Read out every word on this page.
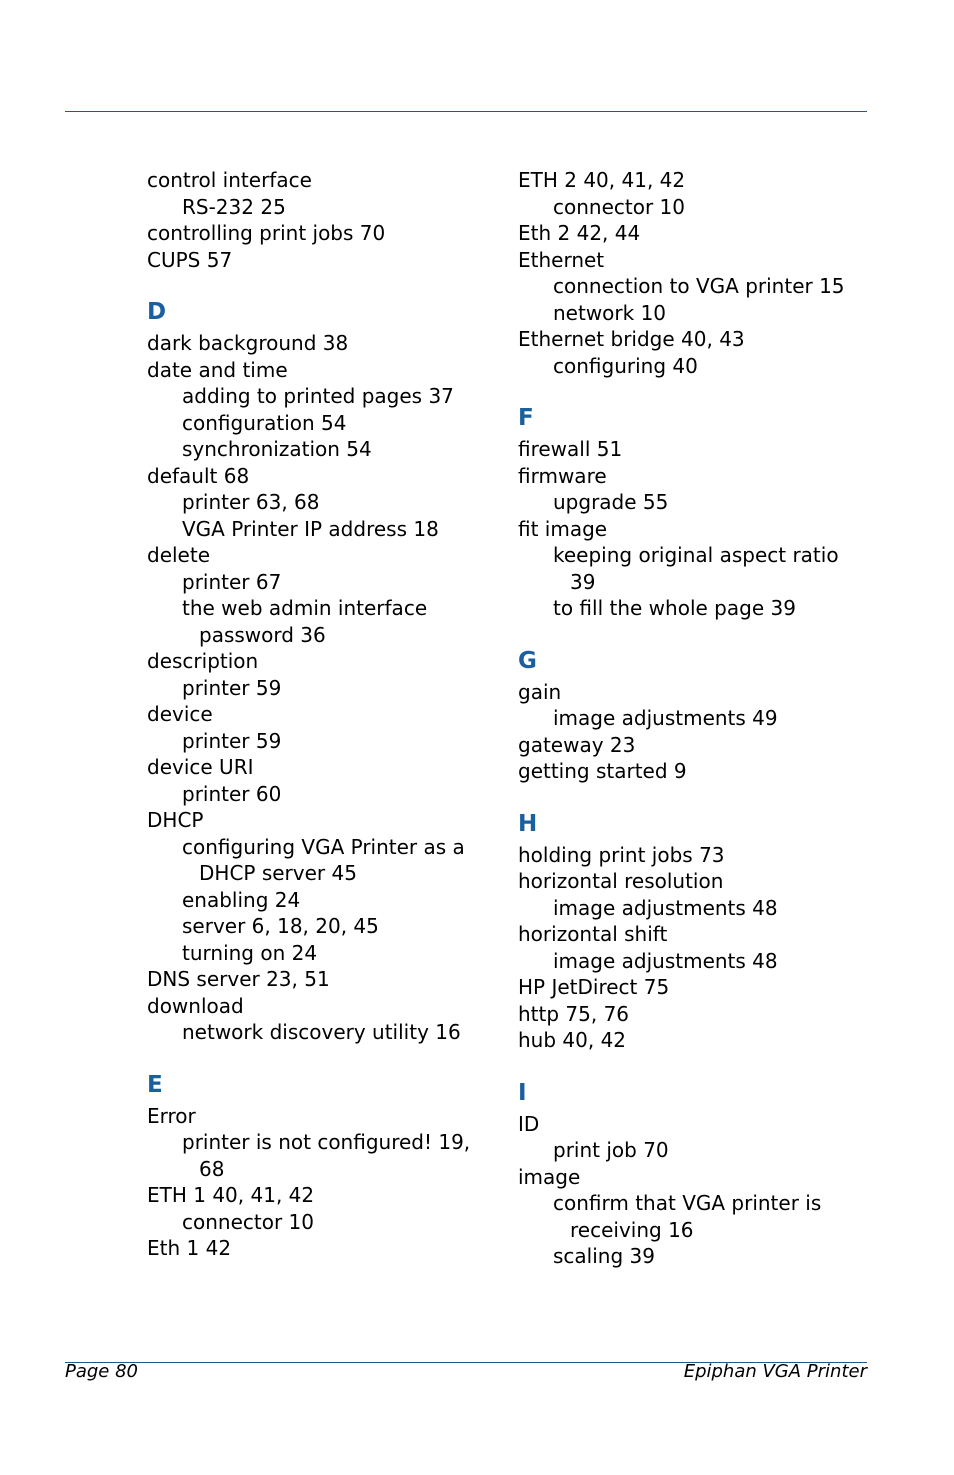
control interface
RS-232 25
controlling print jobs 70
CUPS 57
D
dark background 38
date and time
adding to printed pages 37
configuration 54
synchronization 54
default 68
printer 63, 68
VGA Printer IP address 18
delete
printer 67
the web admin interface
password 36
description
printer 59
device
printer 59
device URI
printer 60
DHCP
configuring VGA Printer as a
DHCP server 45
enabling 24
server 6, 18, 20, 45
turning on 24
DNS server 23, 51
download
network discovery utility 16
E
Error
printer is not configured! 19,
68
ETH 1 40, 41, 42
connector 10
Eth 1 42
ETH 2 40, 41, 42
connector 10
Eth 2 42, 44
Ethernet
connection to VGA printer 15
network 10
Ethernet bridge 40, 43
configuring 40
F
firewall 51
firmware
upgrade 55
fit image
keeping original aspect ratio
39
to fill the whole page 39
G
gain
image adjustments 49
gateway 23
getting started 9
H
holding print jobs 73
horizontal resolution
image adjustments 48
horizontal shift
image adjustments 48
HP JetDirect 75
http 75, 76
hub 40, 42
I
ID
print job 70
image
confirm that VGA printer is
receiving 16
scaling 39
Page 80	Epiphan VGA Printer
